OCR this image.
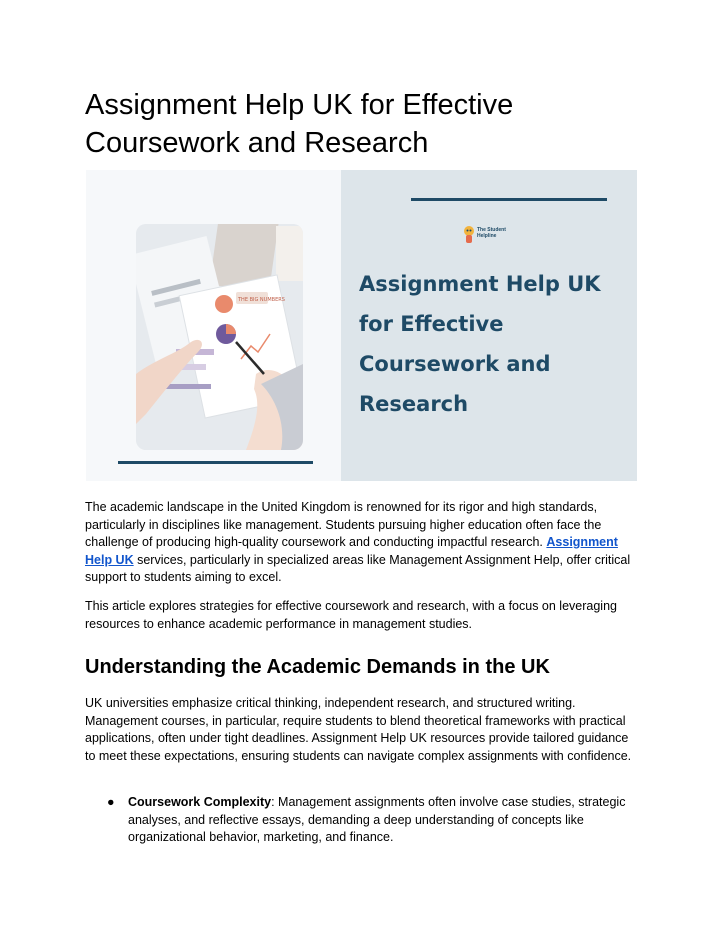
Assignment Help UK for Effective Coursework and Research
THE BIG NUMBERS
The Student
Helpline
Assignment Help UK for Effective Coursework and Research

The academic landscape in the United Kingdom is renowned for its rigor and high standards, particularly in disciplines like management. Students pursuing higher education often face the challenge of producing high-quality coursework and conducting impactful research. Assignment Help UK services, particularly in specialized areas like Management Assignment Help, offer critical support to students aiming to excel.

This article explores strategies for effective coursework and research, with a focus on leveraging resources to enhance academic performance in management studies.

Understanding the Academic Demands in the UK

UK universities emphasize critical thinking, independent research, and structured writing. Management courses, in particular, require students to blend theoretical frameworks with practical applications, often under tight deadlines. Assignment Help UK resources provide tailored guidance to meet these expectations, ensuring students can navigate complex assignments with confidence.

● Coursework Complexity: Management assignments often involve case studies, strategic analyses, and reflective essays, demanding a deep understanding of concepts like organizational behavior, marketing, and finance.
